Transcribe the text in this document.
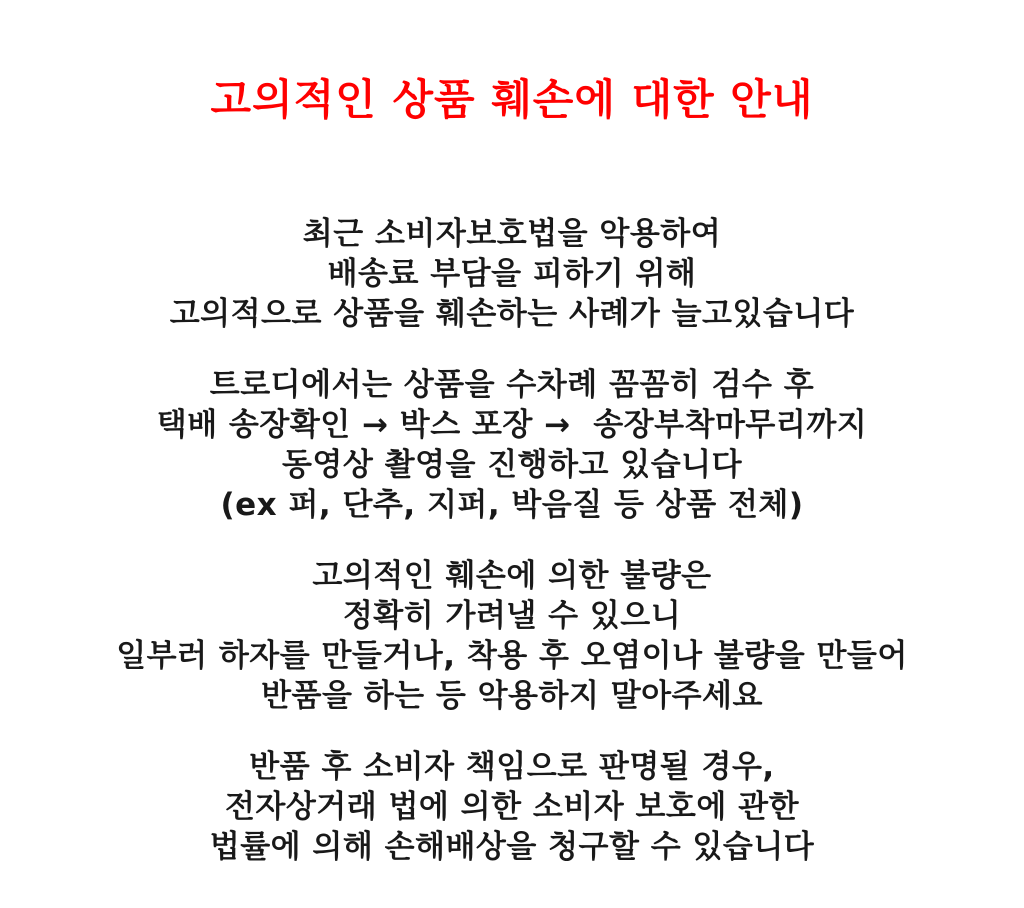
고의적인 상품 훼손에 대한 안내
최근 소비자보호법을 악용하여
배송료 부담을 피하기 위해
고의적으로 상품을 훼손하는 사례가 늘고있습니다
트로디에서는 상품을 수차례 꼼꼼히 검수 후
택배 송장확인 → 박스 포장 →  송장부착마무리까지
동영상 촬영을 진행하고 있습니다
(ex 퍼, 단추, 지퍼, 박음질 등 상품 전체)
고의적인 훼손에 의한 불량은
정확히 가려낼 수 있으니
일부러 하자를 만들거나, 착용 후 오염이나 불량을 만들어
반품을 하는 등 악용하지 말아주세요
반품 후 소비자 책임으로 판명될 경우,
전자상거래 법에 의한 소비자 보호에 관한
법률에 의해 손해배상을 청구할 수 있습니다
